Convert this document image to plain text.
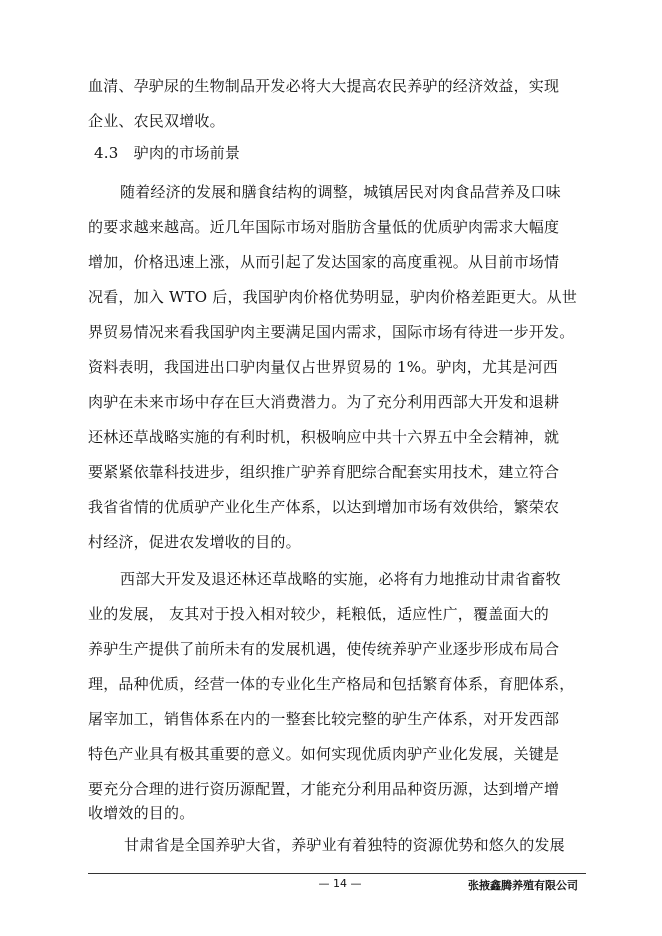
血清、孕驴尿的生物制品开发必将大大提高农民养驴的经济效益，实现
企业、农民双增收。
4.3　驴肉的市场前景
随着经济的发展和膳食结构的调整，城镇居民对肉食品营养及口味
的要求越来越高。近几年国际市场对脂肪含量低的优质驴肉需求大幅度
增加，价格迅速上涨，从而引起了发达国家的高度重视。从目前市场情
况看，加入 WTO 后，我国驴肉价格优势明显，驴肉价格差距更大。从世
界贸易情况来看我国驴肉主要满足国内需求，国际市场有待进一步开发。
资料表明，我国进出口驴肉量仅占世界贸易的 1%。驴肉，尤其是河西
肉驴在未来市场中存在巨大消费潜力。为了充分利用西部大开发和退耕
还林还草战略实施的有利时机，积极响应中共十六界五中全会精神，就
要紧紧依靠科技进步，组织推广驴养育肥综合配套实用技术，建立符合
我省省情的优质驴产业化生产体系，以达到增加市场有效供给，繁荣农
村经济，促进农发增收的目的。
西部大开发及退还林还草战略的实施，必将有力地推动甘肃省畜牧
业的发展， 友其对于投入相对较少，耗粮低，适应性广，覆盖面大的
养驴生产提供了前所未有的发展机遇，使传统养驴产业逐步形成布局合
理，品种优质，经营一体的专业化生产格局和包括繁育体系，育肥体系，
屠宰加工，销售体系在内的一整套比较完整的驴生产体系，对开发西部
特色产业具有极其重要的意义。如何实现优质肉驴产业化发展，关键是
要充分合理的进行资历源配置，才能充分利用品种资历源，达到增产增
收增效的目的。
甘肃省是全国养驴大省，养驴业有着独特的资源优势和悠久的发展
— 14 —	张掖鑫腾养殖有限公司
